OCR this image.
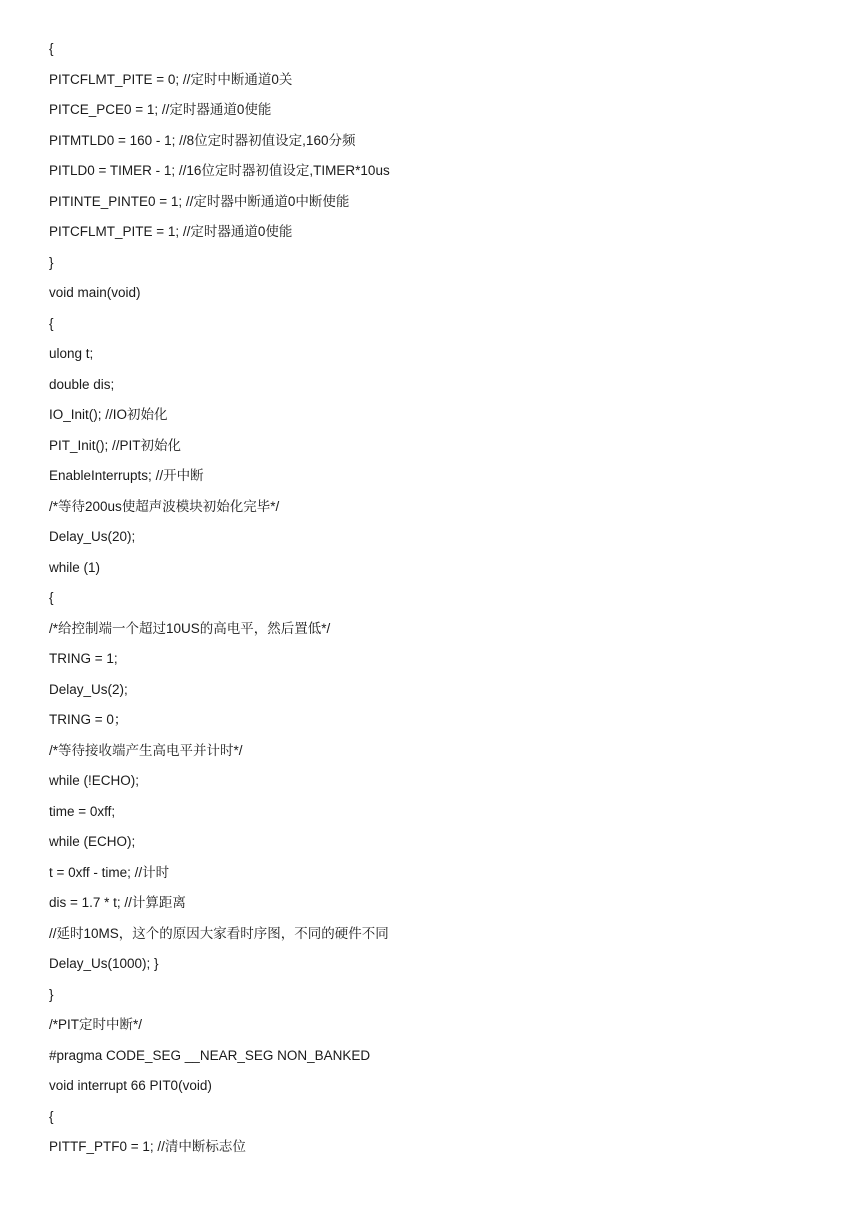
{
PITCFLMT_PITE = 0; //定时中断通道0关
PITCE_PCE0 = 1; //定时器通道0使能
PITMTLD0 = 160 - 1; //8位定时器初值设定,160分频
PITLD0 = TIMER - 1; //16位定时器初值设定,TIMER*10us
PITINTE_PINTE0 = 1; //定时器中断通道0中断使能
PITCFLMT_PITE = 1; //定时器通道0使能
}
void main(void)
{
ulong t;
double dis;
IO_Init(); //IO初始化
PIT_Init(); //PIT初始化
EnableInterrupts; //开中断
/*等待200us使超声波模块初始化完毕*/
Delay_Us(20);
while (1)
{
/*给控制端一个超过10US的高电平，然后置低*/
TRING = 1;
Delay_Us(2);
TRING = 0；
/*等待接收端产生高电平并计时*/
while (!ECHO);
time = 0xff;
while (ECHO);
t = 0xff - time; //计时
dis = 1.7 * t; //计算距离
//延时10MS，这个的原因大家看时序图，不同的硬件不同
Delay_Us(1000); }
}
/*PIT定时中断*/
#pragma CODE_SEG __NEAR_SEG NON_BANKED
void interrupt 66 PIT0(void)
{
PITTF_PTF0 = 1; //清中断标志位
